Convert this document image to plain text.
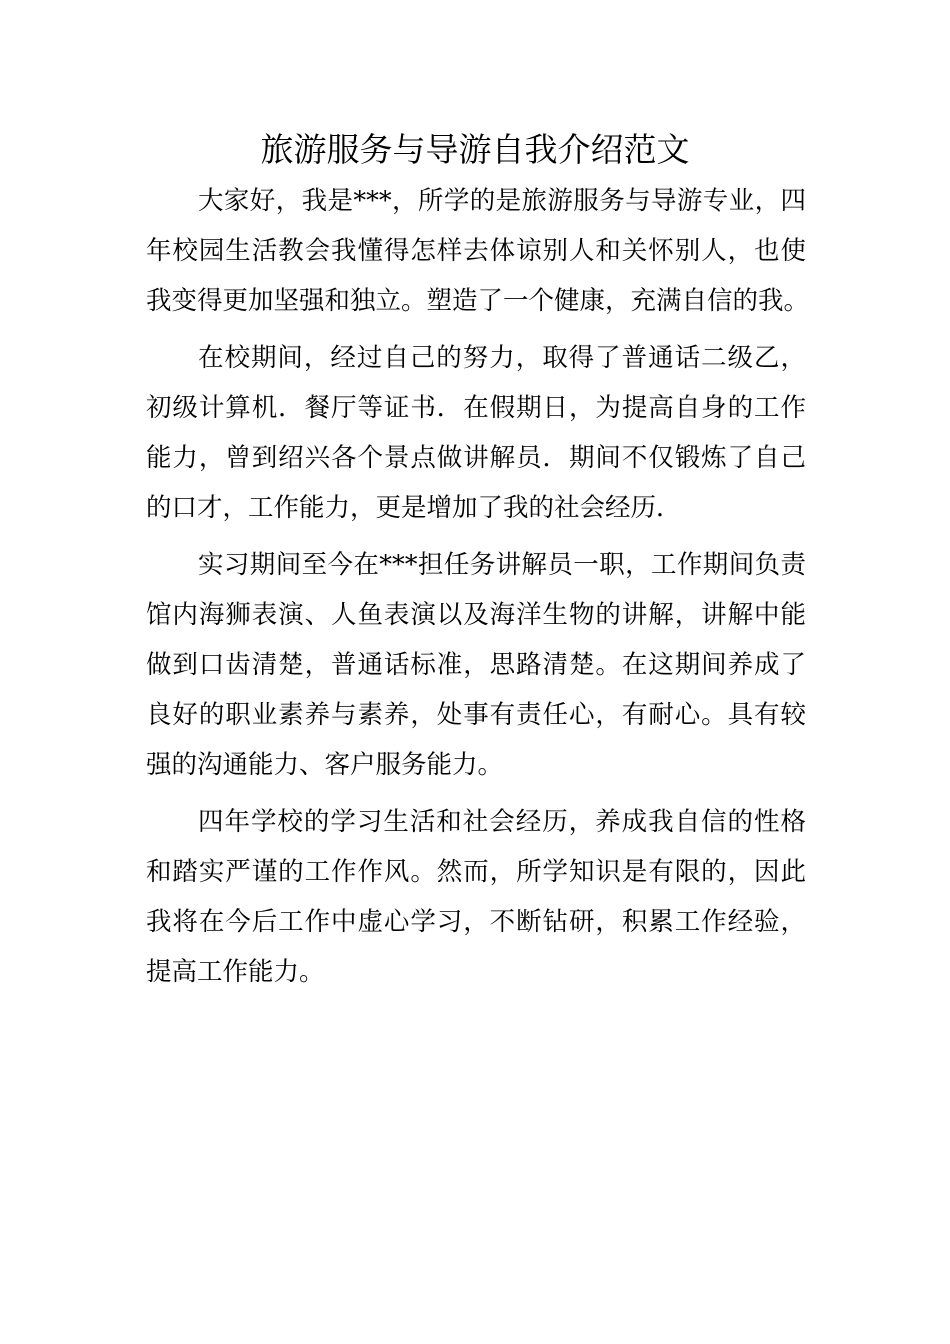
旅游服务与导游自我介绍范文
大家好，我是***，所学的是旅游服务与导游专业，四
年校园生活教会我懂得怎样去体谅别人和关怀别人，也使
我变得更加坚强和独立。塑造了一个健康，充满自信的我。
在校期间，经过自己的努力，取得了普通话二级乙，
初级计算机．餐厅等证书．在假期日，为提高自身的工作
能力，曾到绍兴各个景点做讲解员．期间不仅锻炼了自己
的口才，工作能力，更是增加了我的社会经历．
实习期间至今在***担任务讲解员一职，工作期间负责
馆内海狮表演、人鱼表演以及海洋生物的讲解，讲解中能
做到口齿清楚，普通话标准，思路清楚。在这期间养成了
良好的职业素养与素养，处事有责任心，有耐心。具有较
强的沟通能力、客户服务能力。
四年学校的学习生活和社会经历，养成我自信的性格
和踏实严谨的工作作风。然而，所学知识是有限的，因此
我将在今后工作中虚心学习，不断钻研，积累工作经验，
提高工作能力。
